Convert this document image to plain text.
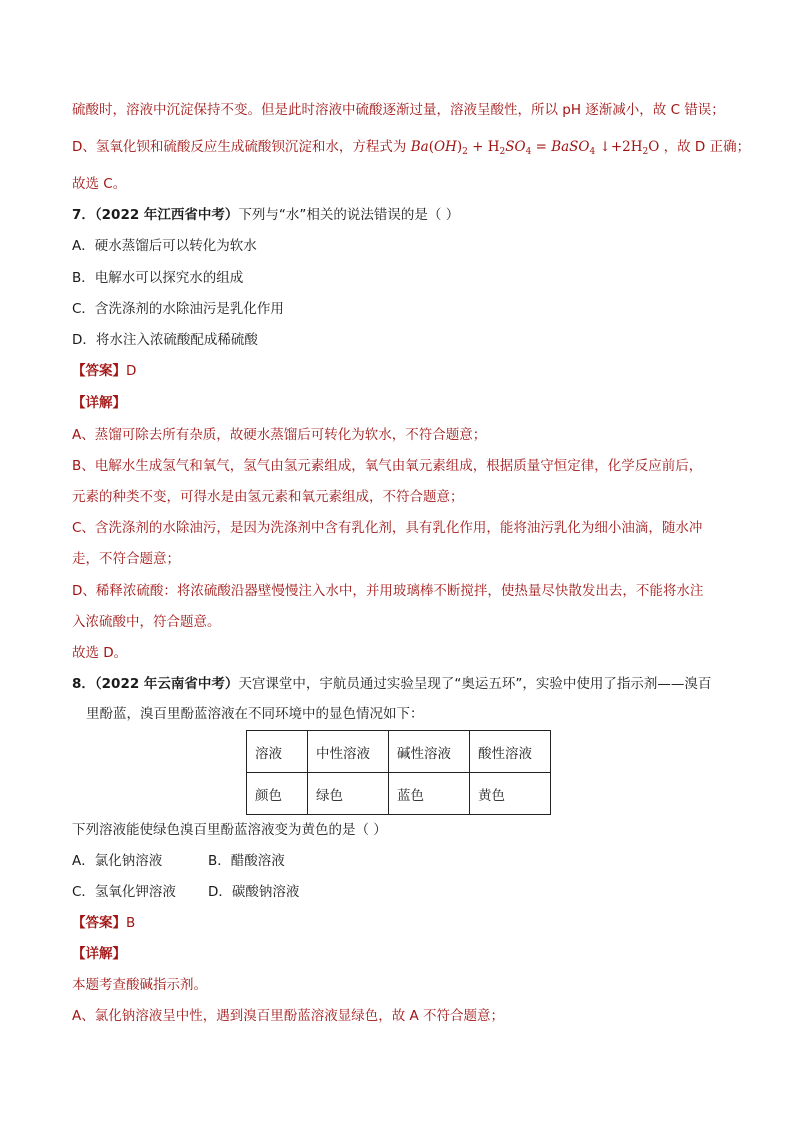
硫酸时，溶液中沉淀保持不变。但是此时溶液中硫酸逐渐过量，溶液呈酸性，所以 pH 逐渐减小，故 C 错误；
D、氢氧化钡和硫酸反应生成硫酸钡沉淀和水，方程式为 $Ba(OH)_2 + H_2SO_4$ = BaSO$_4$ $↓+2H_2O$ ，故 D 正确；
故选 C。
7．（2022 年江西省中考）下列与“水”相关的说法错误的是（ ）
A．硬水蒸馏后可以转化为软水
B．电解水可以探究水的组成
C．含洗涤剂的水除油污是乳化作用
D．将水注入浓硫酸配成稀硫酸
【答案】D
【详解】
A、蒸馏可除去所有杂质，故硬水蒸馏后可转化为软水，不符合题意；
B、电解水生成氢气和氧气，氢气由氢元素组成，氧气由氧元素组成，根据质量守恒定律，化学反应前后，
元素的种类不变，可得水是由氢元素和氧元素组成，不符合题意；
C、含洗涤剂的水除油污，是因为洗涤剂中含有乳化剂，具有乳化作用，能将油污乳化为细小油滴，随水冲
走，不符合题意；
D、稀释浓硫酸：将浓硫酸沿器壁慢慢注入水中，并用玻璃棒不断搅拌，使热量尽快散发出去，不能将水注
入浓硫酸中，符合题意。
故选 D。
8．（2022 年云南省中考）天宫课堂中，宇航员通过实验呈现了“奥运五环”，实验中使用了指示剂——溴百
里酚蓝，溴百里酚蓝溶液在不同环境中的显色情况如下：
溶液	中性溶液	碱性溶液	酸性溶液
颜色	绿色	蓝色	黄色
下列溶液能使绿色溴百里酚蓝溶液变为黄色的是（ ）
A．氯化钠溶液	B．醋酸溶液
C．氢氧化钾溶液 D．碳酸钠溶液
【答案】B
【详解】
本题考查酸碱指示剂。
A、氯化钠溶液呈中性，遇到溴百里酚蓝溶液显绿色，故 A 不符合题意；
